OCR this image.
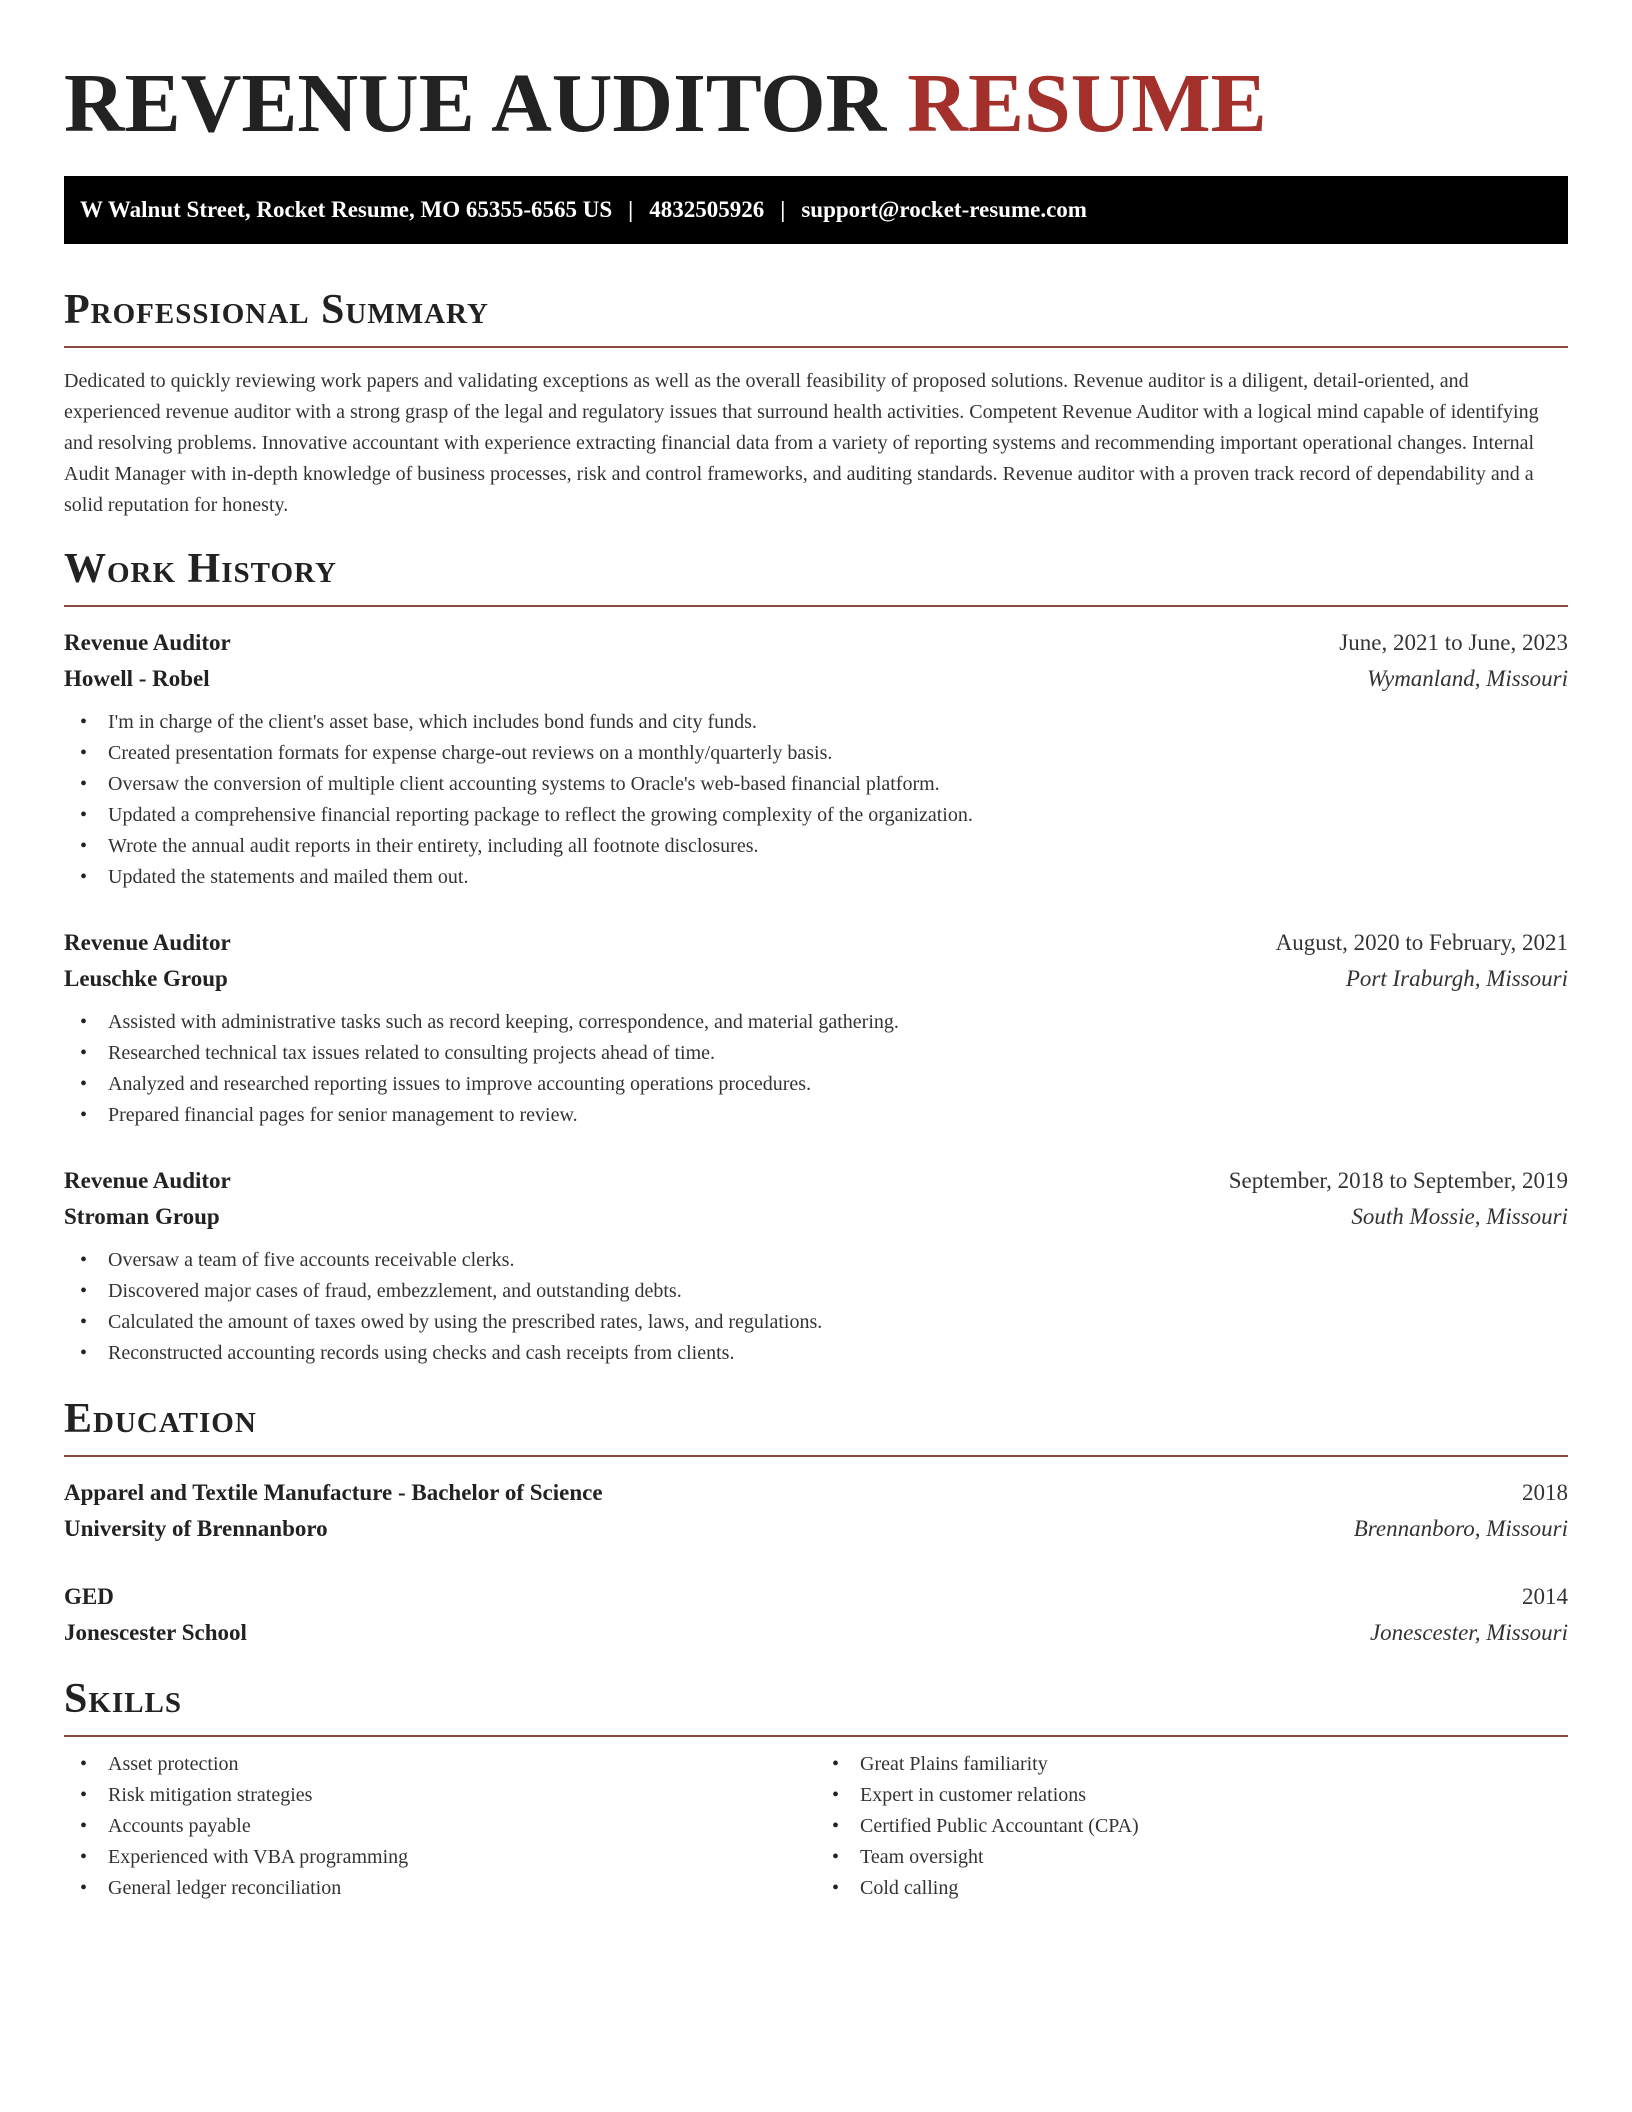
REVENUE AUDITOR RESUME
W Walnut Street, Rocket Resume, MO 65355-6565 US | 4832505926 | support@rocket-resume.com
Professional Summary

Dedicated to quickly reviewing work papers and validating exceptions as well as the overall feasibility of proposed solutions. Revenue auditor is a diligent, detail-oriented, and experienced revenue auditor with a strong grasp of the legal and regulatory issues that surround health activities. Competent Revenue Auditor with a logical mind capable of identifying and resolving problems. Innovative accountant with experience extracting financial data from a variety of reporting systems and recommending important operational changes. Internal Audit Manager with in-depth knowledge of business processes, risk and control frameworks, and auditing standards. Revenue auditor with a proven track record of dependability and a solid reputation for honesty.

Work History
Revenue Auditor	June, 2021 to June, 2023
Howell - Robel	Wymanland, Missouri
• I'm in charge of the client's asset base, which includes bond funds and city funds.
• Created presentation formats for expense charge-out reviews on a monthly/quarterly basis.
• Oversaw the conversion of multiple client accounting systems to Oracle's web-based financial platform.
• Updated a comprehensive financial reporting package to reflect the growing complexity of the organization.
• Wrote the annual audit reports in their entirety, including all footnote disclosures.
• Updated the statements and mailed them out.
Revenue Auditor	August, 2020 to February, 2021
Leuschke Group	Port Iraburgh, Missouri
• Assisted with administrative tasks such as record keeping, correspondence, and material gathering.
• Researched technical tax issues related to consulting projects ahead of time.
• Analyzed and researched reporting issues to improve accounting operations procedures.
• Prepared financial pages for senior management to review.
Revenue Auditor	September, 2018 to September, 2019
Stroman Group	South Mossie, Missouri
• Oversaw a team of five accounts receivable clerks.
• Discovered major cases of fraud, embezzlement, and outstanding debts.
• Calculated the amount of taxes owed by using the prescribed rates, laws, and regulations.
• Reconstructed accounting records using checks and cash receipts from clients.
Education
Apparel and Textile Manufacture - Bachelor of Science	2018
University of Brennanboro	Brennanboro, Missouri
GED	2014
Jonescester School	Jonescester, Missouri
Skills
• Asset protection
• Risk mitigation strategies
• Accounts payable
• Experienced with VBA programming
• General ledger reconciliation
• Great Plains familiarity
• Expert in customer relations
• Certified Public Accountant (CPA)
• Team oversight
• Cold calling
